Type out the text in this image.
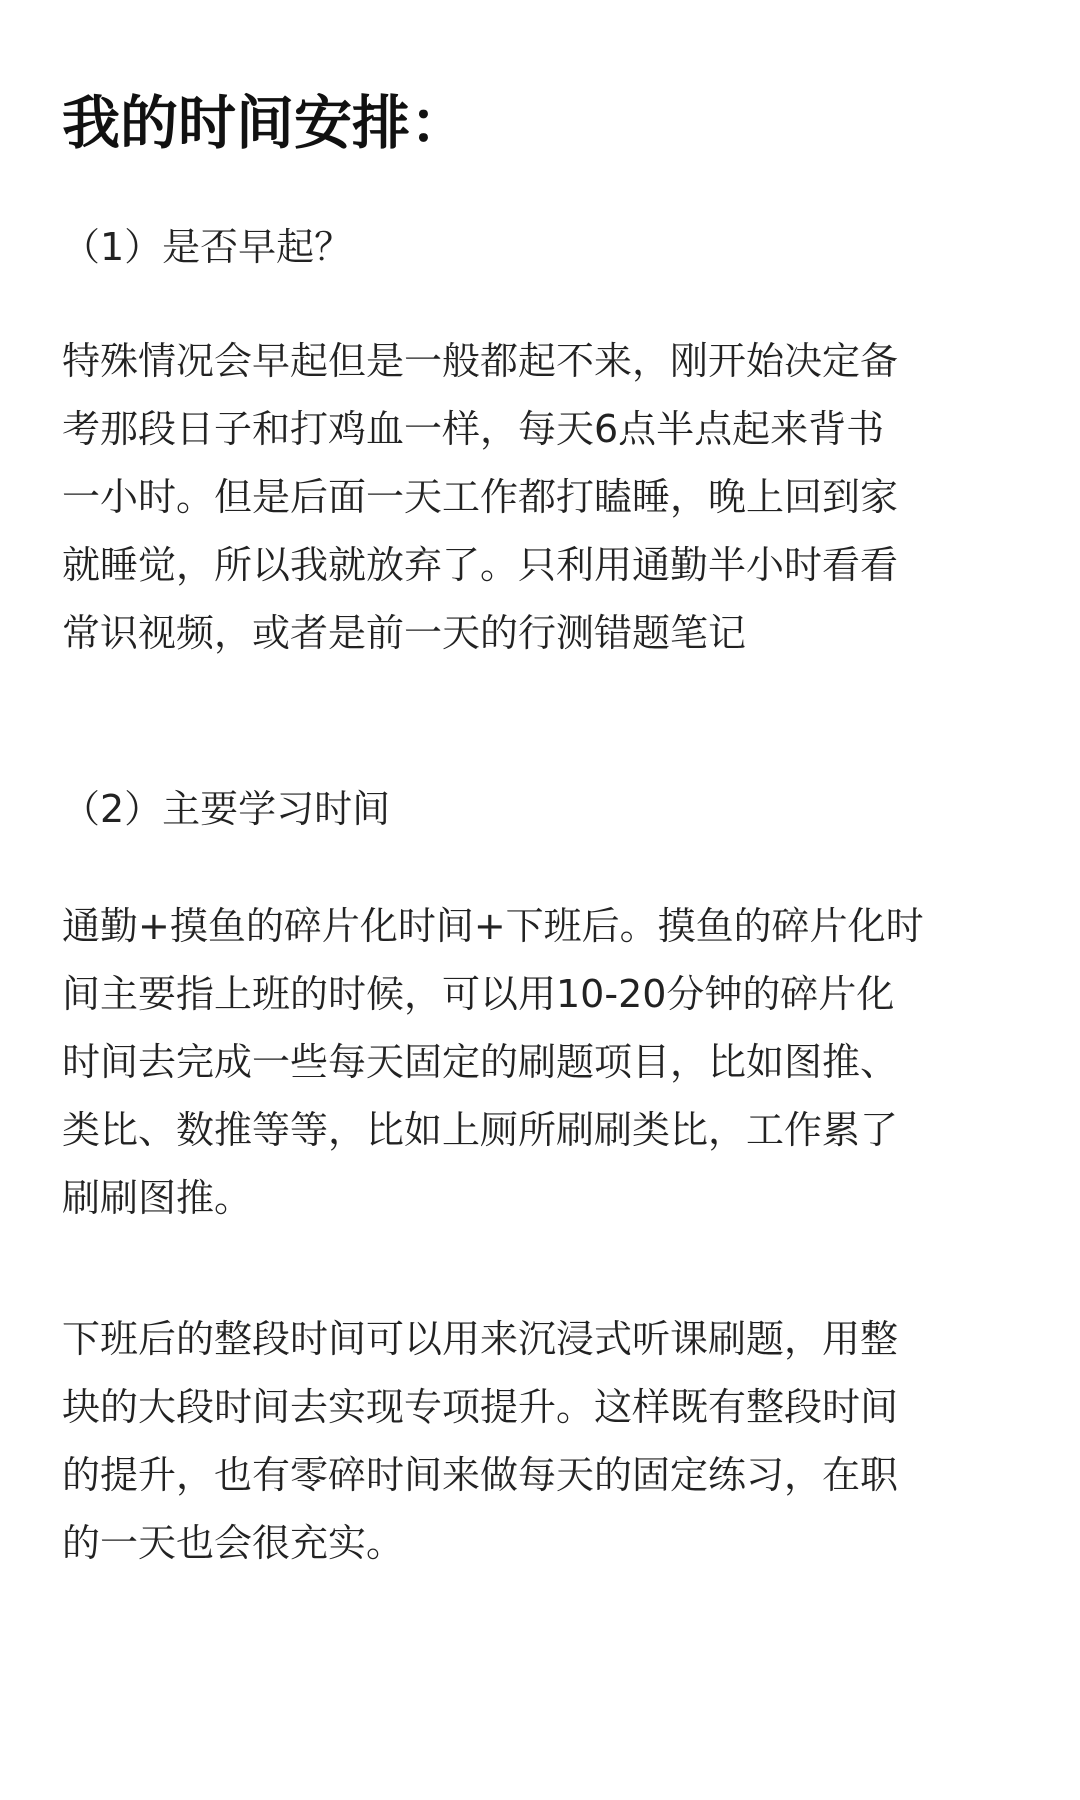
我的时间安排：
（1）是否早起？
特殊情况会早起但是一般都起不来，刚开始决定备
考那段日子和打鸡血一样，每天6点半点起来背书
一小时。但是后面一天工作都打瞌睡，晚上回到家
就睡觉，所以我就放弃了。只利用通勤半小时看看
常识视频，或者是前一天的行测错题笔记
（2）主要学习时间
通勤+摸鱼的碎片化时间+下班后。摸鱼的碎片化时
间主要指上班的时候，可以用10-20分钟的碎片化
时间去完成一些每天固定的刷题项目，比如图推、
类比、数推等等，比如上厕所刷刷类比，工作累了
刷刷图推。
下班后的整段时间可以用来沉浸式听课刷题，用整
块的大段时间去实现专项提升。这样既有整段时间
的提升，也有零碎时间来做每天的固定练习，在职
的一天也会很充实。
